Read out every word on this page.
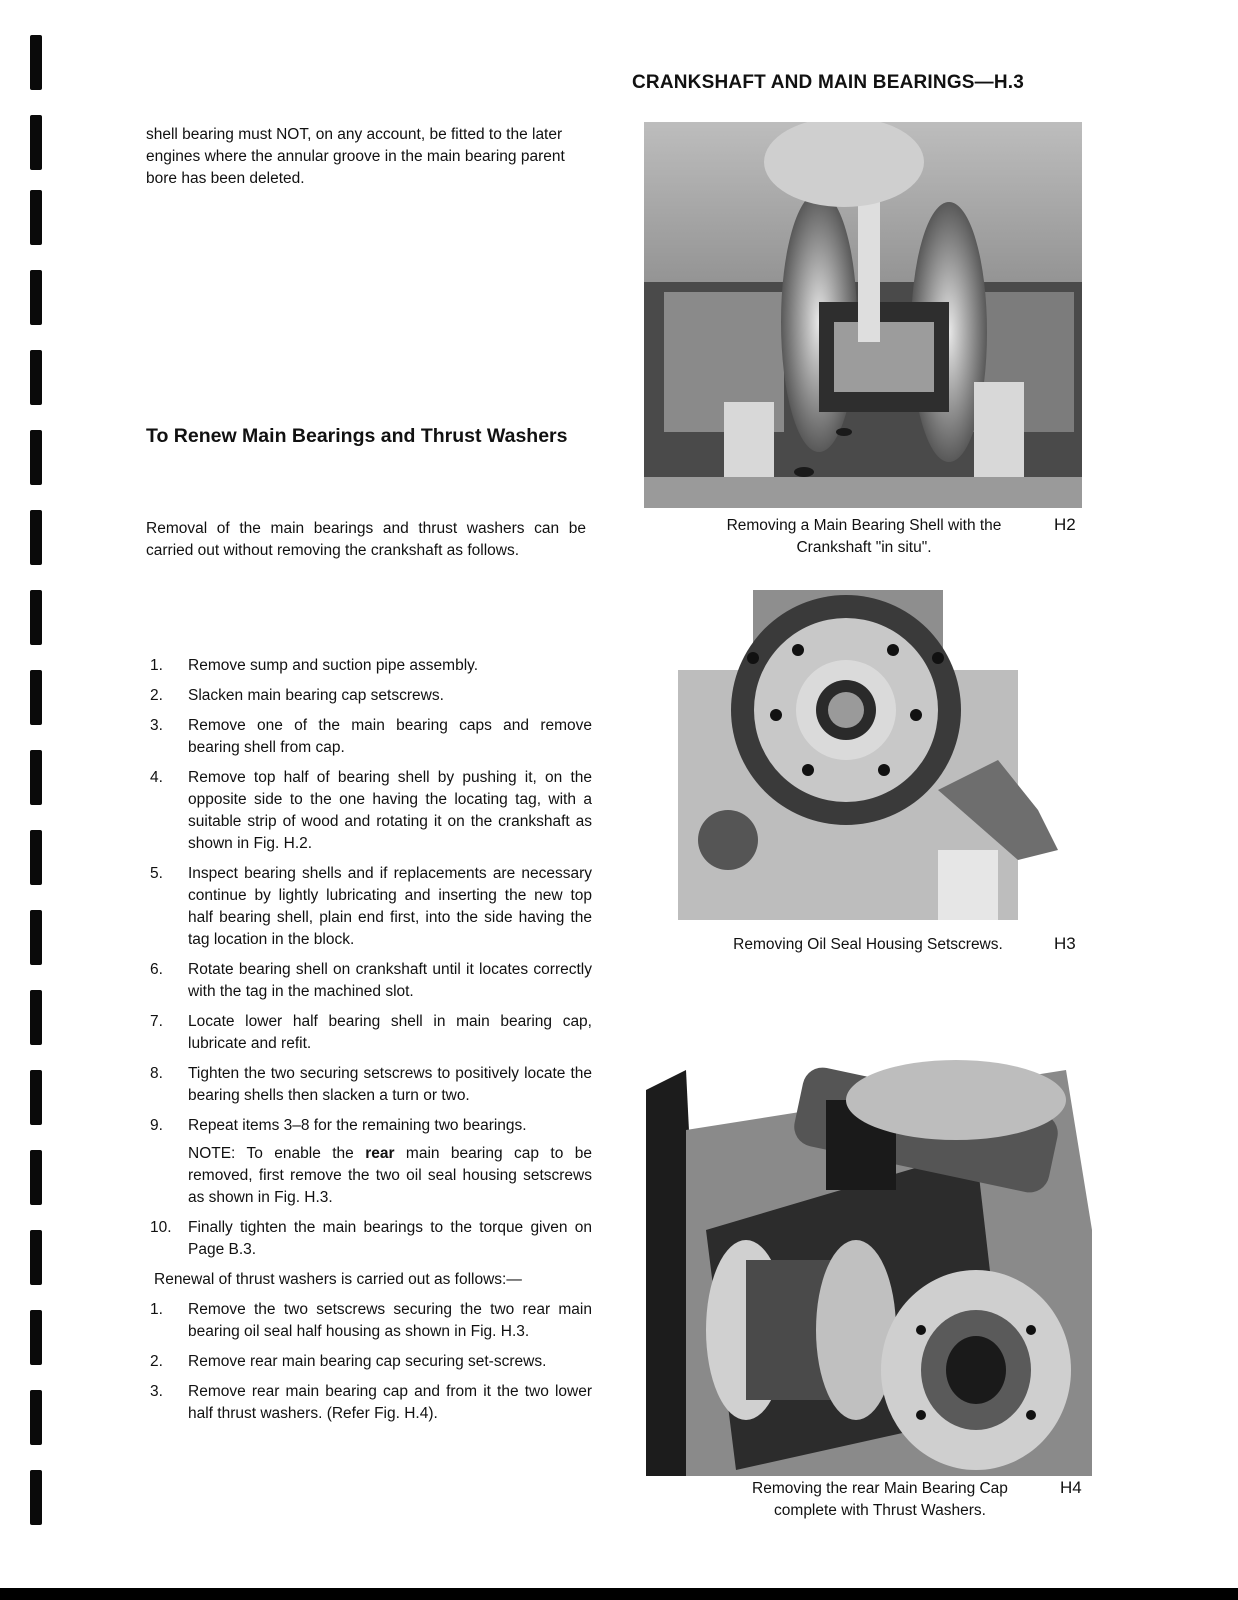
CRANKSHAFT AND MAIN BEARINGS—H.3
shell bearing must NOT, on any account, be fitted to the later engines where the annular groove in the main bearing parent bore has been deleted.
To Renew Main Bearings and Thrust Washers
Removal of the main bearings and thrust washers can be carried out without removing the crankshaft as follows.
1.	Remove sump and suction pipe assembly.
2.	Slacken main bearing cap setscrews.
3.	Remove one of the main bearing caps and remove bearing shell from cap.
4.	Remove top half of bearing shell by pushing it, on the opposite side to the one having the locating tag, with a suitable strip of wood and rotating it on the crankshaft as shown in Fig. H.2.
5.	Inspect bearing shells and if replacements are necessary continue by lightly lubricating and inserting the new top half bearing shell, plain end first, into the side having the tag location in the block.
6.	Rotate bearing shell on crankshaft until it locates correctly with the tag in the machined slot.
7.	Locate lower half bearing shell in main bearing cap, lubricate and refit.
8.	Tighten the two securing setscrews to positively locate the bearing shells then slacken a turn or two.
9.	Repeat items 3–8 for the remaining two bearings.
NOTE: To enable the rear main bearing cap to be removed, first remove the two oil seal housing setscrews as shown in Fig. H.3.
10.	Finally tighten the main bearings to the torque given on Page B.3.
Renewal of thrust washers is carried out as follows:—
1.	Remove the two setscrews securing the two rear main bearing oil seal half housing as shown in Fig. H.3.
2.	Remove rear main bearing cap securing set-screws.
3.	Remove rear main bearing cap and from it the two lower half thrust washers. (Refer Fig. H.4).
Removing a Main Bearing Shell with the Crankshaft "in situ".
H2
Removing Oil Seal Housing Setscrews.	H3
Removing the rear Main Bearing Cap complete with Thrust Washers.
H4
